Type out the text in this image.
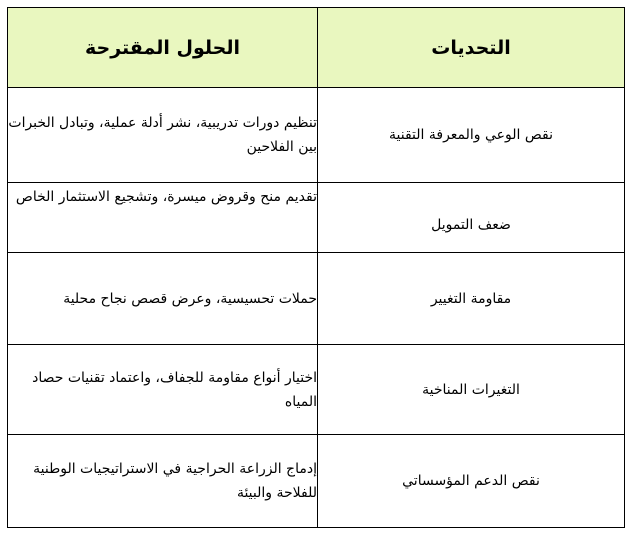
التحديات	الحلول المقترحة
نقص الوعي والمعرفة التقنية	تنظيم دورات تدريبية، نشر أدلة عملية، وتبادل الخبرات بين الفلاحين
ضعف التمويل	تقديم منح وقروض ميسرة، وتشجيع الاستثمار الخاص
مقاومة التغيير	حملات تحسيسية، وعرض قصص نجاح محلية
التغيرات المناخية	اختيار أنواع مقاومة للجفاف، واعتماد تقنيات حصاد المياه
نقص الدعم المؤسساتي	إدماج الزراعة الحراجية في الاستراتيجيات الوطنية للفلاحة والبيئة
